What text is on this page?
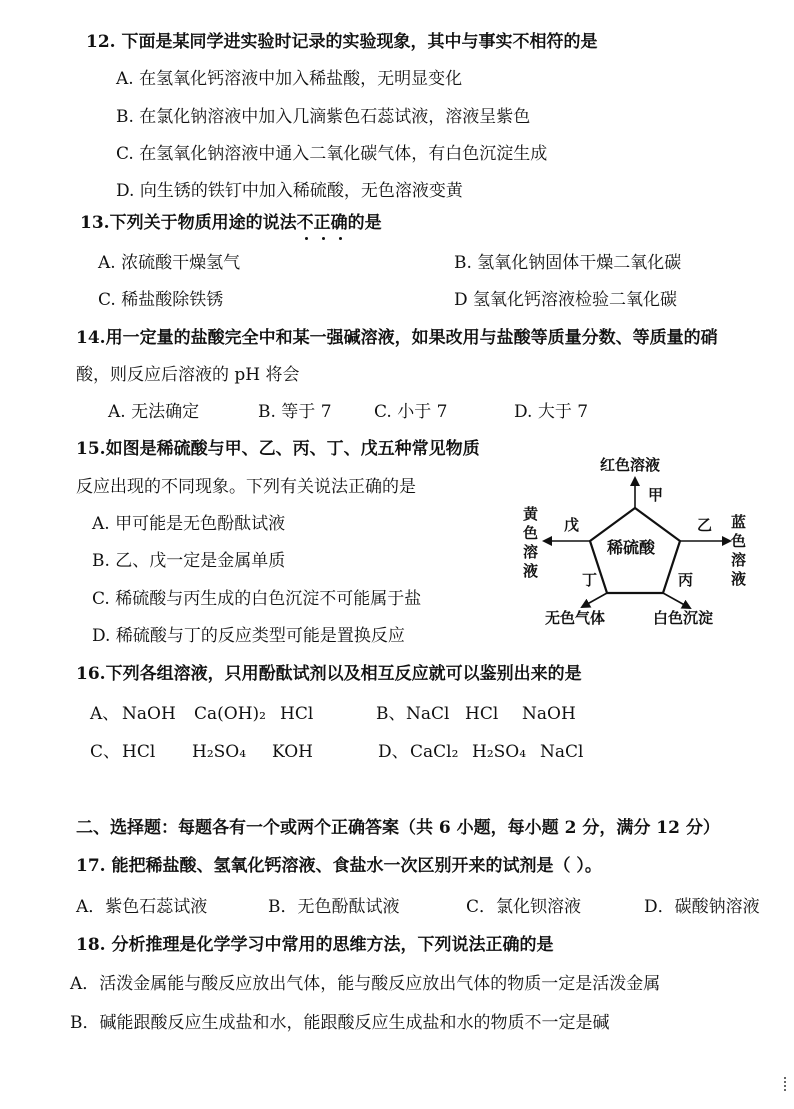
12. 下面是某同学进实验时记录的实验现象，其中与事实不相符的是
A. 在氢氧化钙溶液中加入稀盐酸，无明显变化
B. 在氯化钠溶液中加入几滴紫色石蕊试液，溶液呈紫色
C. 在氢氧化钠溶液中通入二氧化碳气体，有白色沉淀生成
D. 向生锈的铁钉中加入稀硫酸，无色溶液变黄
13.下列关于物质用途的说法不正确的是
A. 浓硫酸干燥氢气	B. 氢氧化钠固体干燥二氧化碳
C. 稀盐酸除铁锈	D 氢氧化钙溶液检验二氧化碳
14.用一定量的盐酸完全中和某一强碱溶液，如果改用与盐酸等质量分数、等质量的硝
酸，则反应后溶液的 pH 将会
A. 无法确定	B. 等于 7 C. 小于 7	D. 大于 7
15.如图是稀硫酸与甲、乙、丙、丁、戊五种常见物质
反应出现的不同现象。下列有关说法正确的是
A. 甲可能是无色酚酞试液
B. 乙、戊一定是金属单质
C. 稀硫酸与丙生成的白色沉淀不可能属于盐
D. 稀硫酸与丁的反应类型可能是置换反应
稀硫酸
甲
乙
丙
丁
戊
红色溶液
白色沉淀
无色气体
蓝色溶液
黄色溶液
16.下列各组溶液，只用酚酞试剂以及相互反应就可以鉴别出来的是
A、 NaOH Ca(OH)₂ HCl	B、 NaCl HCl NaOH
C、 HCl H₂SO₄ KOH	D、 CaCl₂ H₂SO₄ NaCl
二、选择题：每题各有一个或两个正确答案（共 6 小题，每小题 2 分，满分 12 分）
17. 能把稀盐酸、氢氧化钙溶液、食盐水一次区别开来的试剂是（ ）。
A．紫色石蕊试液	B．无色酚酞试液	C．氯化钡溶液	D．碳酸钠溶液
18. 分析推理是化学学习中常用的思维方法，下列说法正确的是
A．活泼金属能与酸反应放出气体，能与酸反应放出气体的物质一定是活泼金属
B．碱能跟酸反应生成盐和水，能跟酸反应生成盐和水的物质不一定是碱
